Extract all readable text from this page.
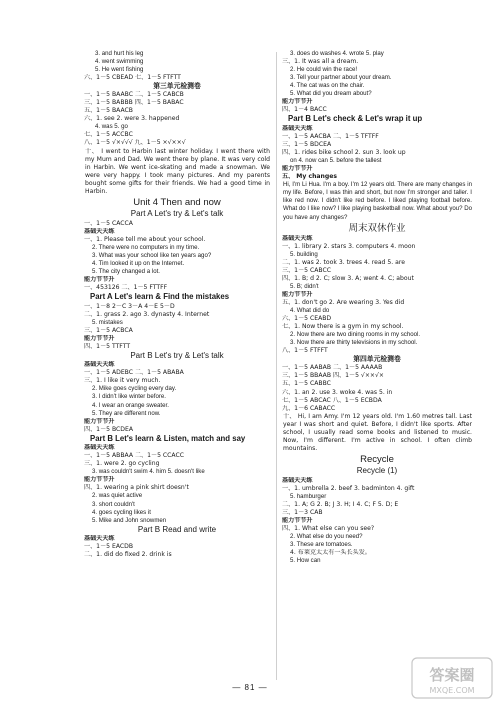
3. and hurt his leg
4. went swimming
5. He went fishing
六、1－5 CBEAD 七、1－5 FTFTT
第三单元检测卷
一、1－5 BAABC 二、1－5 CABCB
三、1－5 BABBB 四、1－5 BABAC
五、1－5 BAACB
六、1. see 2. were 3. happened
4. was 5. go
七、1－5 ACCBC
八、1－5 √×√√√ 九、1－5 ×√××√
十、 I went to Harbin last winter holiday. I went there with my Mum and Dad. We went there by plane. It was very cold in Harbin. We went ice-skating and made a snowman. We were very happy. I took many pictures. And my parents bought some gifts for their friends. We had a good time in Harbin.
Unit 4 Then and now
Part A Let's try & Let's talk
一、1－5 CACCA
基础天天练
一、1. Please tell me about your school.
2. There were no computers in my time.
3. What was your school like ten years ago?
4. Tim looked it up on the Internet.
5. The city changed a lot.
能力节节升
一、453126 二、1－5 FTTFF
Part A Let's learn & Find the mistakes
一、1－8 2－C 3－A 4－E 5－D
二、1. grass 2. ago 3. dynasty 4. Internet
5. mistakes
三、1－5 ACBCA
能力节节升
四、1－5 TTFTT
Part B Let's try & Let's talk
基础天天练
一、1－5 ADEBC 二、1－5 ABABA
三、1. I like it very much.
2. Mike goes cycling every day.
3. I didn't like winter before.
4. I wear an orange sweater.
5. They are different now.
能力节节升
四、1－5 BCDEA
Part B Let's learn & Listen, match and say
基础天天练
一、1－5 ABBAA 二、1－5 CCACC
三、1. were 2. go cycling
3. was couldn't swim 4. him 5. doesn't like
能力节节升
四、1. wearing a pink shirt doesn't
2. was quiet active
3. short couldn't
4. goes cycling likes it
5. Mike and John snowmen
Part B Read and write
基础天天练
一、1－5 EACDB
二、1. did do fixed 2. drink is
3. does do washes 4. wrote 5. play
三、1. It was all a dream.
2. He could win the race!
3. Tell your partner about your dream.
4. The cat was on the chair.
5. What did you dream about?
能力节节升
四、1－4 BACC
Part B Let's check & Let's wrap it up
基础天天练
一、1－5 AACBA 二、1－5 TFTFF
三、1－5 BDCEA
四、1. rides bike school 2. sun 3. look up
on 4. now can 5. before the tallest
能力节节升
五、 My changes
Hi, I'm Li Hua. I'm a boy. I'm 12 years old. There are many changes in my life. Before, I was thin and short, but now I'm stronger and taller. I like red now. I didn't like red before. I liked playing football before. What do I like now? I like playing basketball now. What about you? Do you have any changes?
周末双休作业
基础天天练
一、1. library 2. stars 3. computers 4. moon
5. building
二、1. was 2. took 3. trees 4. read 5. are
三、1－5 CABCC
四、1. B; d 2. C; slow 3. A; went 4. C; about
5. B; didn't
能力节节升
五、1. don't go 2. Are wearing 3. Yes did
4. What did do
六、1－5 CEABD
七、1. Now there is a gym in my school.
2. Now there are two dining rooms in my school.
3. Now there are thirty televisions in my school.
八、1－5 FTFFT
第四单元检测卷
一、1－5 AABAB 二、1－5 AAAAB
三、1－5 BBAAB 四、1－5 √××√×
五、1－5 CABBC
六、1. an 2. use 3. woke 4. was 5. in
七、1－5 ABCAC 八、1－5 ECBDA
九、1－6 CABACC
十、 Hi, I am Amy. I'm 12 years old. I'm 1.60 metres tall. Last year I was short and quiet. Before, I didn't like sports. After school, I usually read some books and listened to music. Now, I'm different. I'm active in school. I often climb mountains.
Recycle
Recycle (1)
基础天天练
一、1. umbrella 2. beef 3. badminton 4. gift
5. hamburger
二、1. A; G 2. B; J 3. H; I 4. C; F 5. D; E
三、1－3 CAB
能力节节升
四、1. What else can you see?
2. What else do you need?
3. These are tomatoes.
4. 布莱克太太有一头长头发。
5. How can
— 81 —
答案圈
MXQE.COM
